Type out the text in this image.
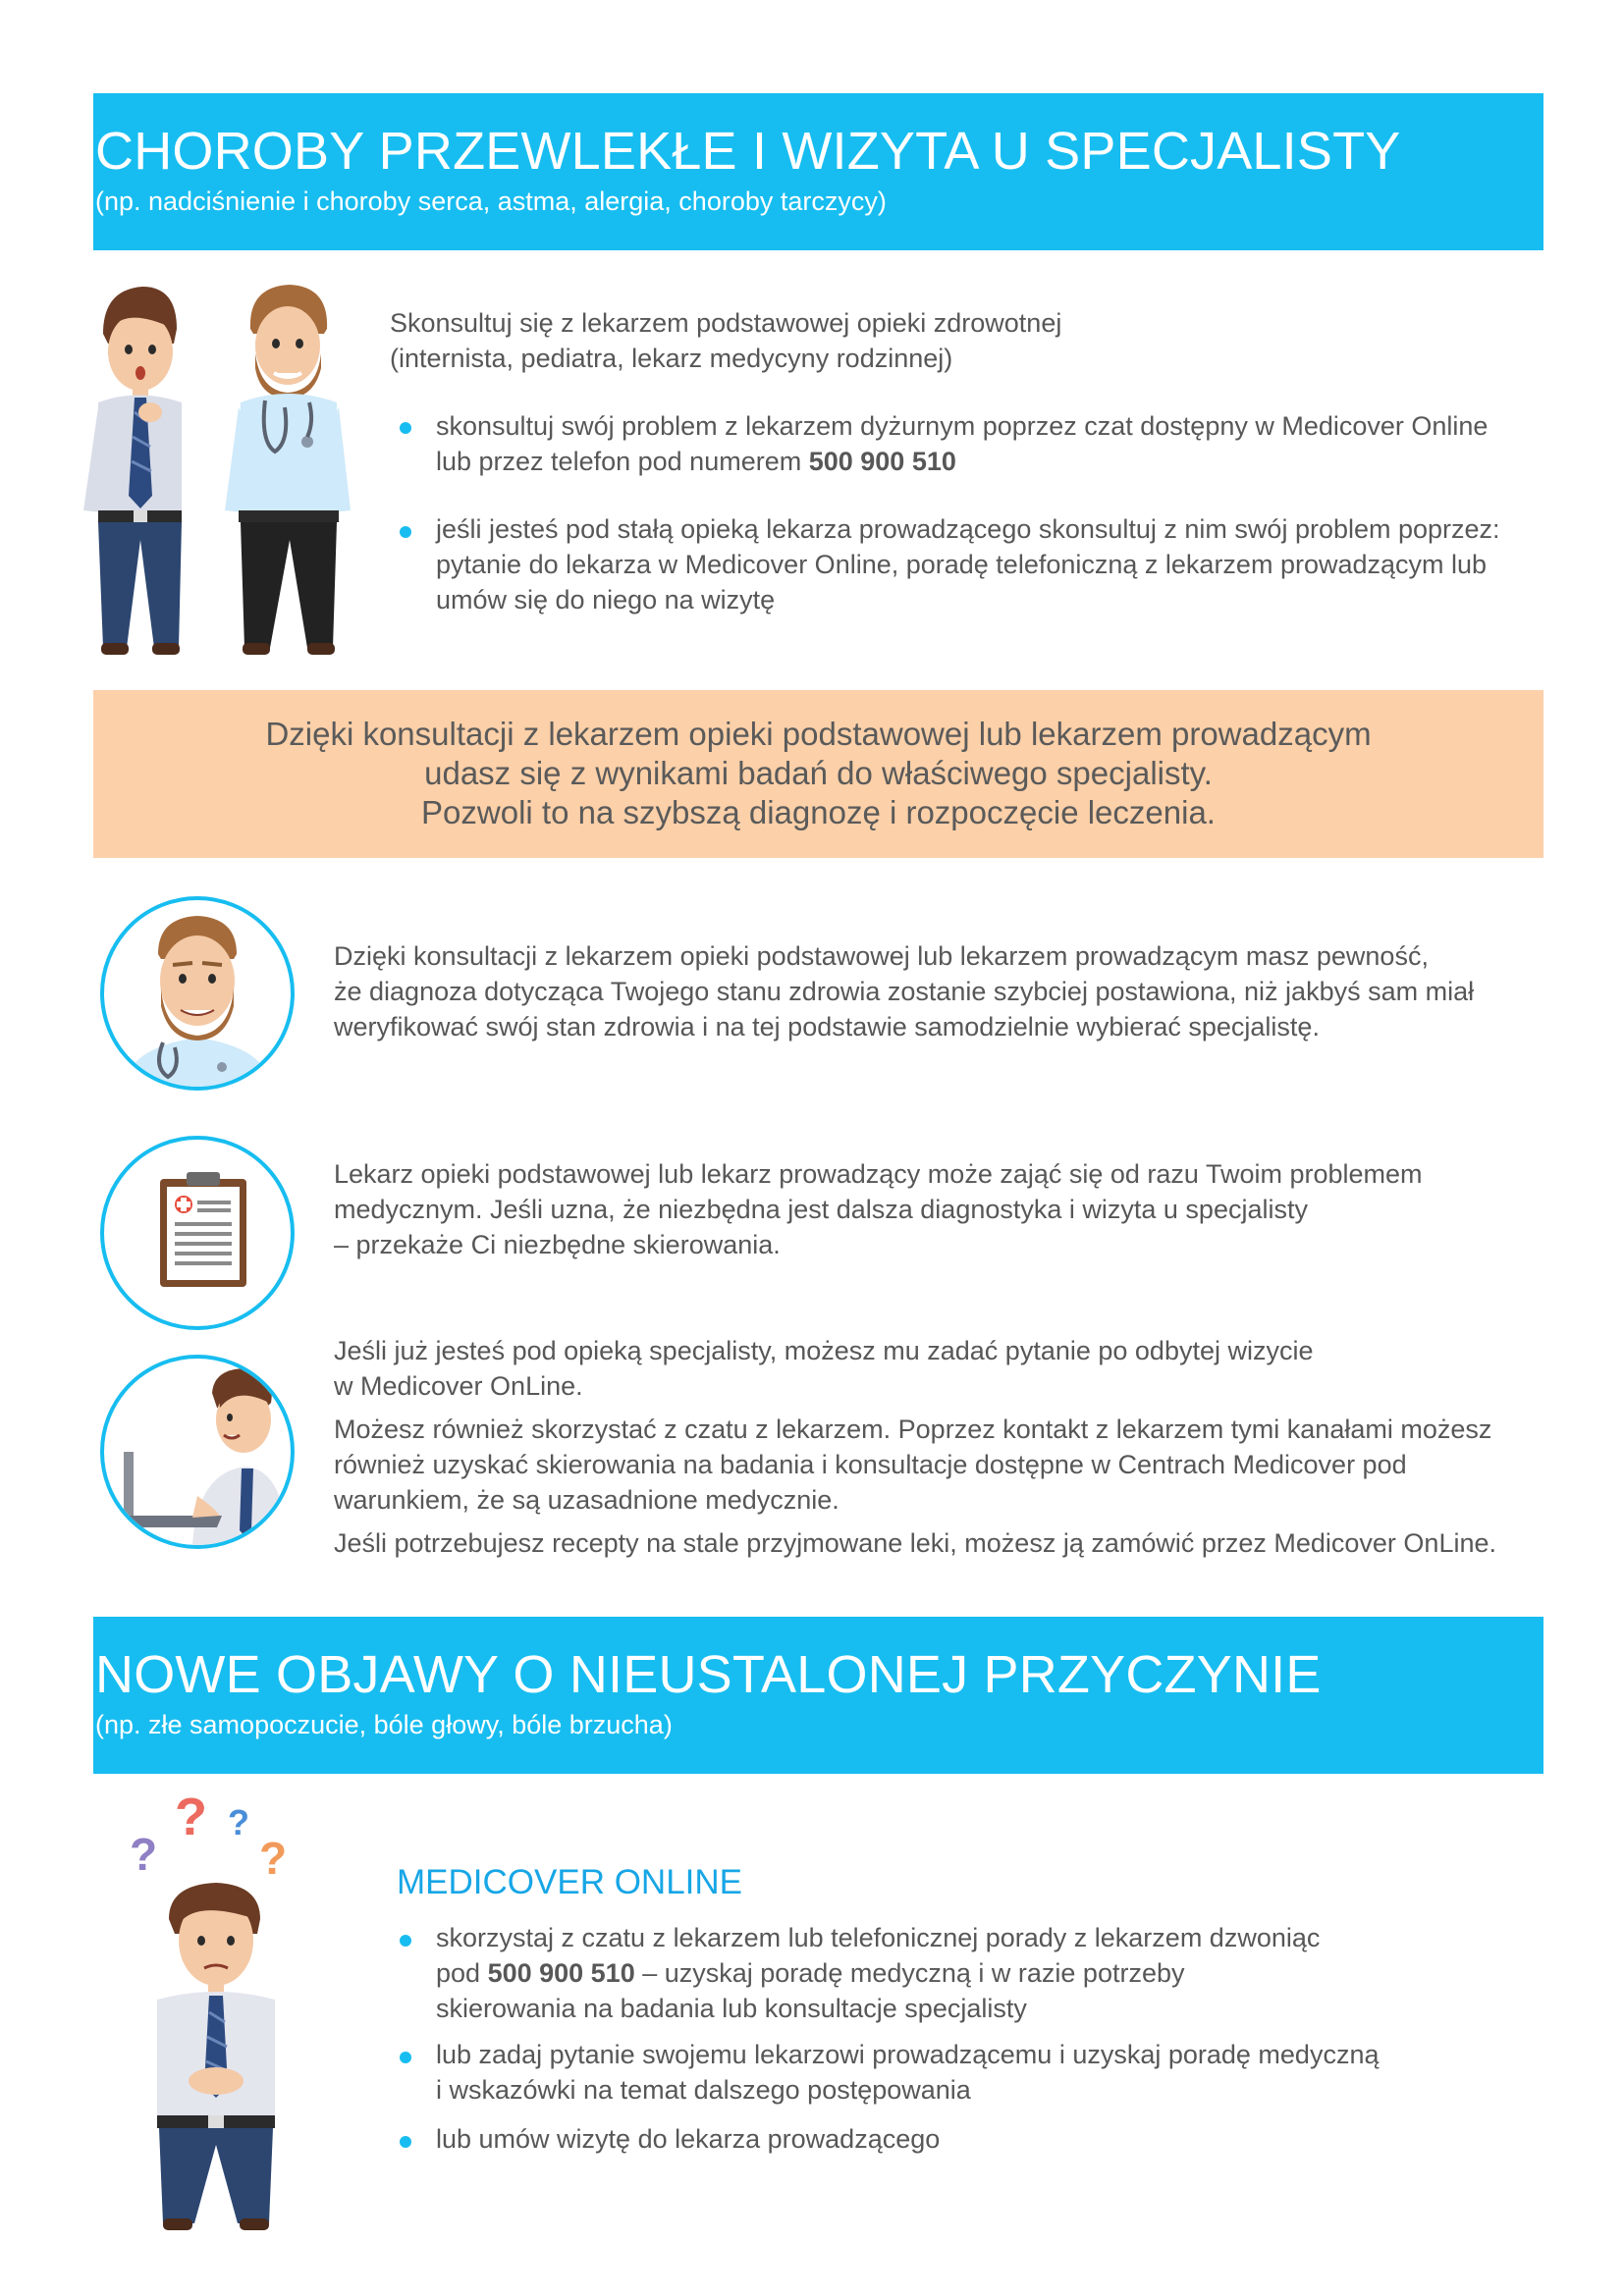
CHOROBY PRZEWLEKŁE I WIZYTA U SPECJALISTY
(np. nadciśnienie i choroby serca, astma, alergia, choroby tarczycy)
Skonsultuj się z lekarzem podstawowej opieki zdrowotnej
(internista, pediatra, lekarz medycyny rodzinnej)
skonsultuj swój problem z lekarzem dyżurnym poprzez czat dostępny w Medicover Online
lub przez telefon pod numerem 500 900 510
jeśli jesteś pod stałą opieką lekarza prowadzącego skonsultuj z nim swój problem poprzez:
pytanie do lekarza w Medicover Online, poradę telefoniczną z lekarzem prowadzącym lub
umów się do niego na wizytę
Dzięki konsultacji z lekarzem opieki podstawowej lub lekarzem prowadzącym
udasz się z wynikami badań do właściwego specjalisty.
Pozwoli to na szybszą diagnozę i rozpoczęcie leczenia.
Dzięki konsultacji z lekarzem opieki podstawowej lub lekarzem prowadzącym masz pewność,
że diagnoza dotycząca Twojego stanu zdrowia zostanie szybciej postawiona, niż jakbyś sam miał
weryfikować swój stan zdrowia i na tej podstawie samodzielnie wybierać specjalistę.
Lekarz opieki podstawowej lub lekarz prowadzący może zająć się od razu Twoim problemem
medycznym. Jeśli uzna, że niezbędna jest dalsza diagnostyka i wizyta u specjalisty
– przekaże Ci niezbędne skierowania.
Jeśli już jesteś pod opieką specjalisty, możesz mu zadać pytanie po odbytej wizycie
w Medicover OnLine.
Możesz również skorzystać z czatu z lekarzem. Poprzez kontakt z lekarzem tymi kanałami możesz
również uzyskać skierowania na badania i konsultacje dostępne w Centrach Medicover pod
warunkiem, że są uzasadnione medycznie.
Jeśli potrzebujesz recepty na stale przyjmowane leki, możesz ją zamówić przez Medicover OnLine.
NOWE OBJAWY O NIEUSTALONEJ PRZYCZYNIE
(np. złe samopoczucie, bóle głowy, bóle brzucha)
?
? ?
?	MEDICOVER ONLINE
skorzystaj z czatu z lekarzem lub telefonicznej porady z lekarzem dzwoniąc
pod 500 900 510 – uzyskaj poradę medyczną i w razie potrzeby
skierowania na badania lub konsultacje specjalisty
lub zadaj pytanie swojemu lekarzowi prowadzącemu i uzyskaj poradę medyczną
i wskazówki na temat dalszego postępowania
lub umów wizytę do lekarza prowadzącego
